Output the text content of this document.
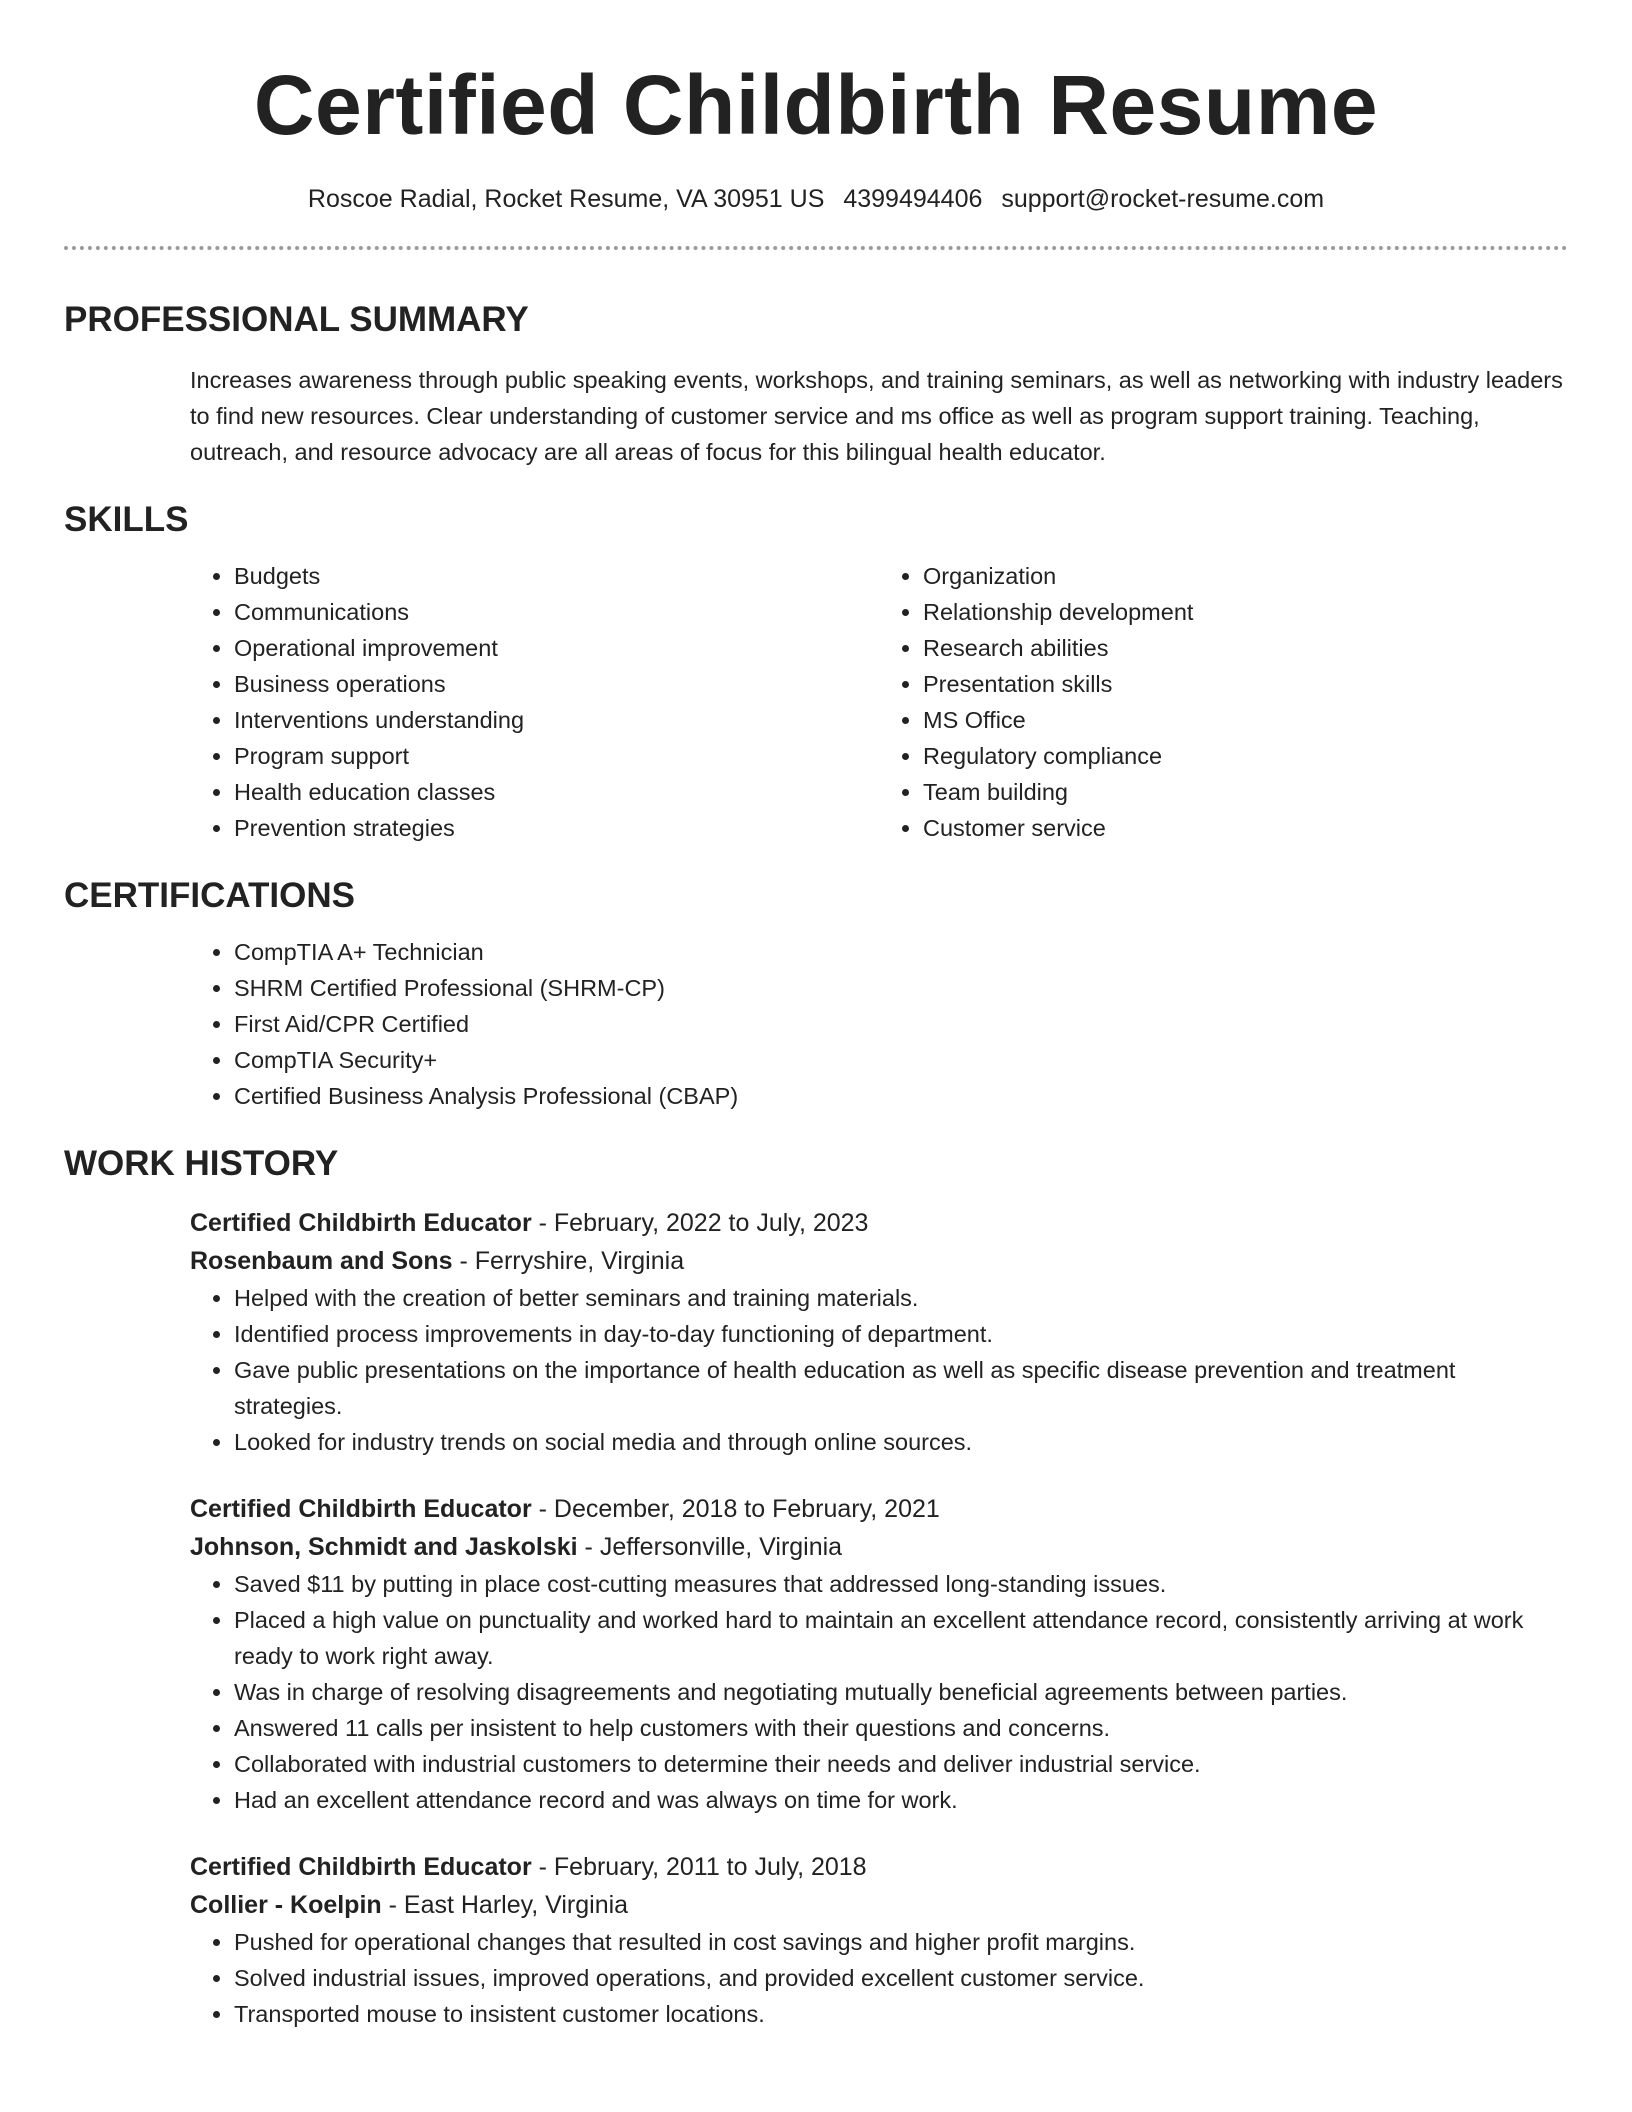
Certified Childbirth Resume
Roscoe Radial, Rocket Resume, VA 30951 US 4399494406 support@rocket-resume.com
PROFESSIONAL SUMMARY

Increases awareness through public speaking events, workshops, and training seminars, as well as networking with industry leaders to find new resources. Clear understanding of customer service and ms office as well as program support training. Teaching, outreach, and resource advocacy are all areas of focus for this bilingual health educator.

SKILLS
• Budgets
• Communications
• Operational improvement
• Business operations
• Interventions understanding
• Program support
• Health education classes
• Prevention strategies
• Organization
• Relationship development
• Research abilities
• Presentation skills
• MS Office
• Regulatory compliance
• Team building
• Customer service
CERTIFICATIONS
• CompTIA A+ Technician
• SHRM Certified Professional (SHRM-CP)
• First Aid/CPR Certified
• CompTIA Security+
• Certified Business Analysis Professional (CBAP)
WORK HISTORY
Certified Childbirth Educator - February, 2022 to July, 2023
Rosenbaum and Sons - Ferryshire, Virginia
• Helped with the creation of better seminars and training materials.
• Identified process improvements in day-to-day functioning of department.
• Gave public presentations on the importance of health education as well as specific disease prevention and treatment strategies.
• Looked for industry trends on social media and through online sources.
Certified Childbirth Educator - December, 2018 to February, 2021
Johnson, Schmidt and Jaskolski - Jeffersonville, Virginia
• Saved $11 by putting in place cost-cutting measures that addressed long-standing issues.
• Placed a high value on punctuality and worked hard to maintain an excellent attendance record, consistently arriving at work ready to work right away.
• Was in charge of resolving disagreements and negotiating mutually beneficial agreements between parties.
• Answered 11 calls per insistent to help customers with their questions and concerns.
• Collaborated with industrial customers to determine their needs and deliver industrial service.
• Had an excellent attendance record and was always on time for work.
Certified Childbirth Educator - February, 2011 to July, 2018
Collier - Koelpin - East Harley, Virginia
• Pushed for operational changes that resulted in cost savings and higher profit margins.
• Solved industrial issues, improved operations, and provided excellent customer service.
• Transported mouse to insistent customer locations.
